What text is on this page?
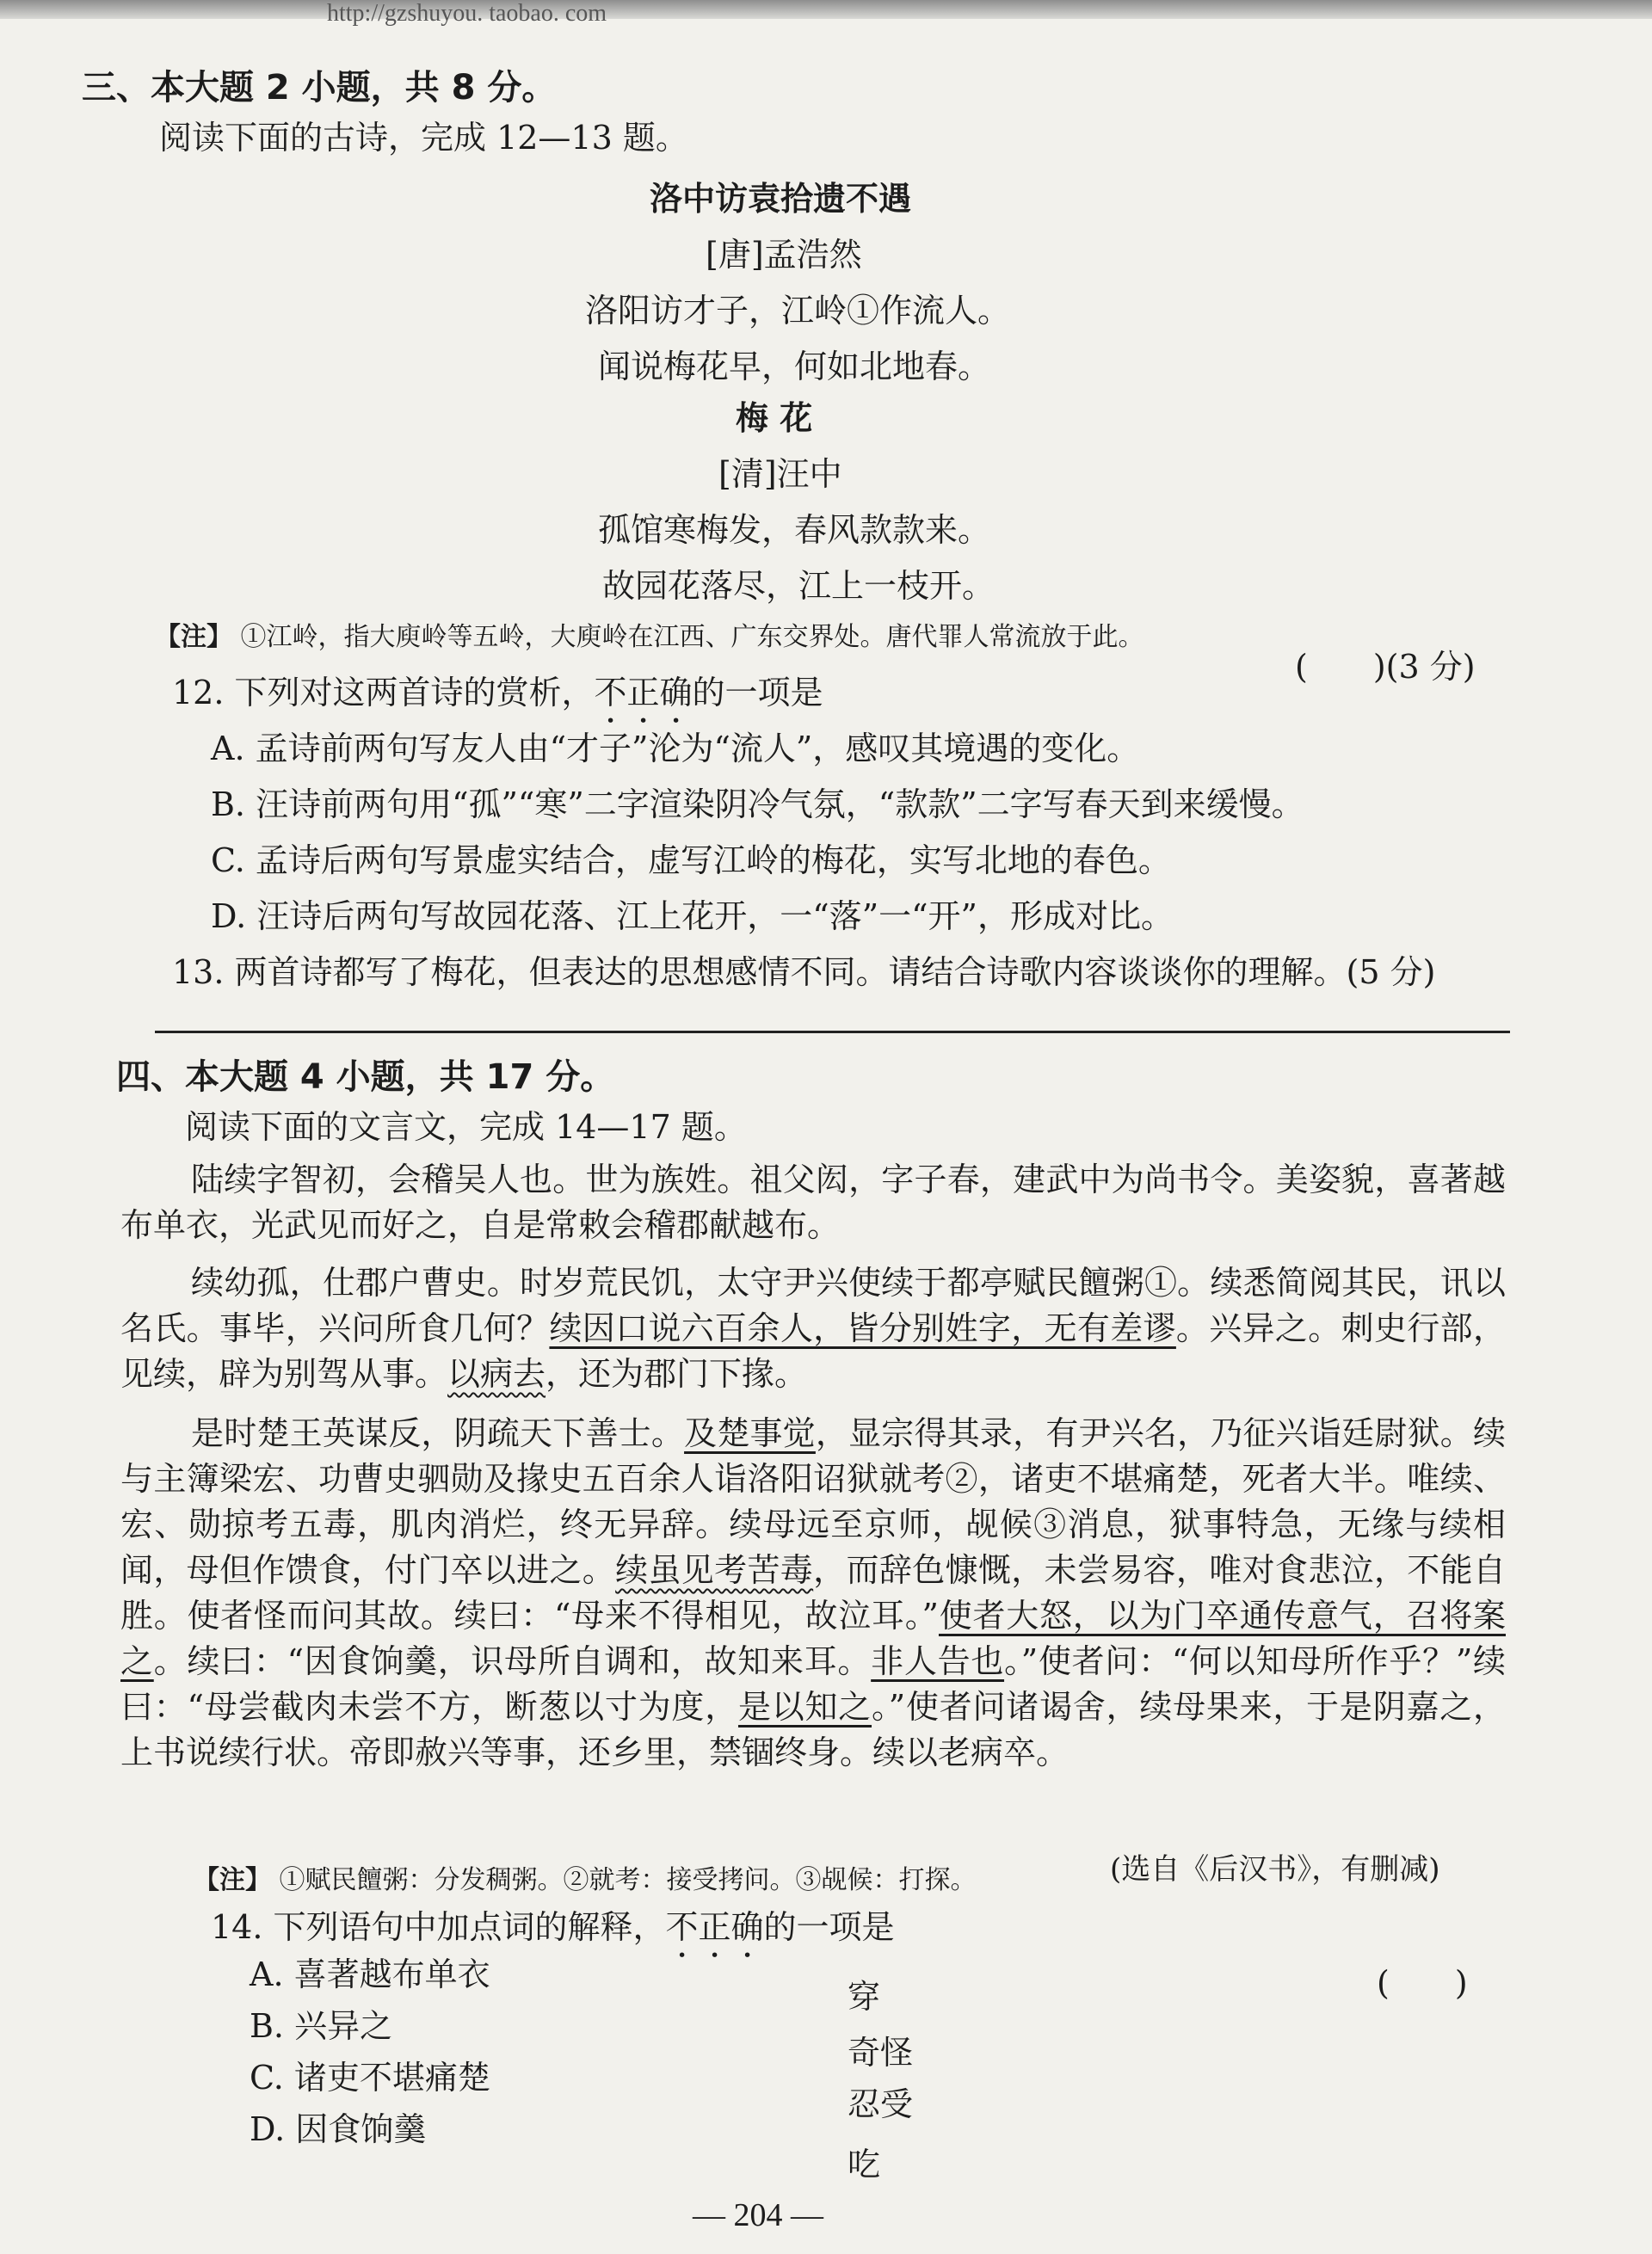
http://gzshuyou. taobao. com
三、本大题 2 小题，共 8 分。
阅读下面的古诗，完成 12—13 题。
洛中访袁拾遗不遇
[唐]孟浩然
洛阳访才子，江岭①作流人。
闻说梅花早，何如北地春。
梅 花
[清]汪中
孤馆寒梅发，春风款款来。
故园花落尽，江上一枝开。
【注】 ①江岭，指大庾岭等五岭，大庾岭在江西、广东交界处。唐代罪人常流放于此。
12. 下列对这两首诗的赏析，不正确的一项是
(　　)(3 分)
A. 孟诗前两句写友人由“才子”沦为“流人”，感叹其境遇的变化。
B. 汪诗前两句用“孤”“寒”二字渲染阴冷气氛，“款款”二字写春天到来缓慢。
C. 孟诗后两句写景虚实结合，虚写江岭的梅花，实写北地的春色。
D. 汪诗后两句写故园花落、江上花开，一“落”一“开”，形成对比。
13. 两首诗都写了梅花，但表达的思想感情不同。请结合诗歌内容谈谈你的理解。(5 分)
四、本大题 4 小题，共 17 分。
阅读下面的文言文，完成 14—17 题。
陆续字智初，会稽吴人也。世为族姓。祖父闳，字子春，建武中为尚书令。美姿貌，喜著越布单衣，光武见而好之，自是常敕会稽郡献越布。
续幼孤，仕郡户曹史。时岁荒民饥，太守尹兴使续于都亭赋民饘粥①。续悉简阅其民，讯以名氏。事毕，兴问所食几何？续因口说六百余人，皆分别姓字，无有差谬。兴异之。刺史行部，见续，辟为别驾从事。以病去，还为郡门下掾。
是时楚王英谋反，阴疏天下善士。及楚事觉，显宗得其录，有尹兴名，乃征兴诣廷尉狱。续与主簿梁宏、功曹史驷勋及掾史五百余人诣洛阳诏狱就考②，诸吏不堪痛楚，死者大半。唯续、宏、勋掠考五毒，肌肉消烂，终无异辞。续母远至京师，觇候③消息，狱事特急，无缘与续相闻，母但作馈食，付门卒以进之。续虽见考苦毒，而辞色慷慨，未尝易容，唯对食悲泣，不能自胜。使者怪而问其故。续曰：“母来不得相见，故泣耳。”使者大怒，以为门卒通传意气，召将案之。续曰：“因食饷羹，识母所自调和，故知来耳。非人告也。”使者问：“何以知母所作乎？”续曰：“母尝截肉未尝不方，断葱以寸为度，是以知之。”使者问诸谒舍，续母果来，于是阴嘉之，上书说续行状。帝即赦兴等事，还乡里，禁锢终身。续以老病卒。
(选自《后汉书》，有删减)
【注】 ①赋民饘粥：分发稠粥。②就考：接受拷问。③觇候：打探。
14. 下列语句中加点词的解释，不正确的一项是
(　　)
A. 喜著越布单衣
B. 兴异之
C. 诸吏不堪痛楚
D. 因食饷羹
穿
奇怪
忍受
吃
— 204 —
